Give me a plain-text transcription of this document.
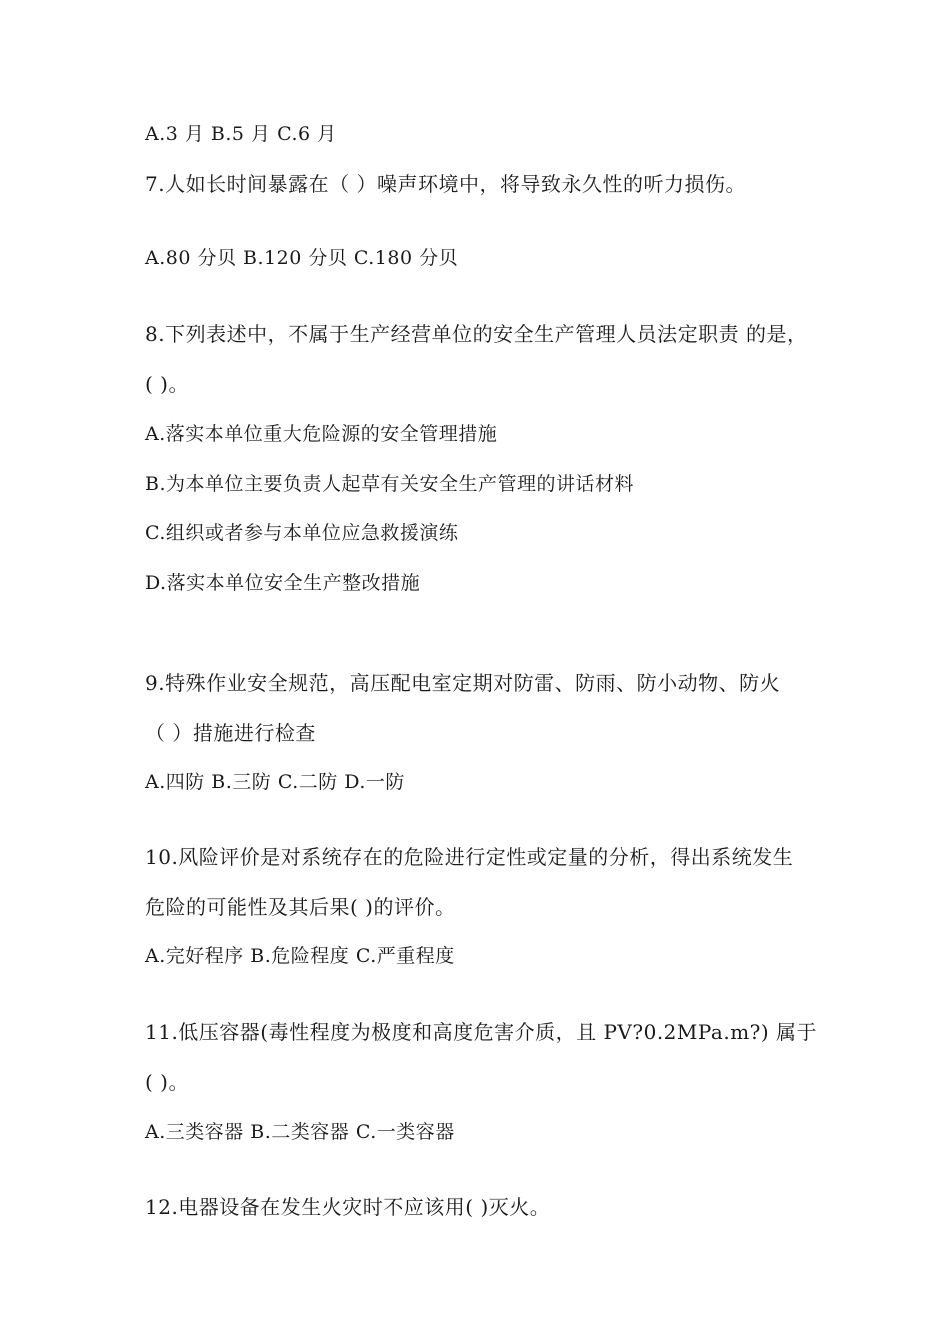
A.3 月 B.5 月 C.6 月
7.人如长时间暴露在（ ）噪声环境中，将导致永久性的听力损伤。
A.80 分贝 B.120 分贝 C.180 分贝
8.下列表述中，不属于生产经营单位的安全生产管理人员法定职责 的是，
( )。
A.落实本单位重大危险源的安全管理措施
B.为本单位主要负责人起草有关安全生产管理的讲话材料
C.组织或者参与本单位应急救援演练
D.落实本单位安全生产整改措施
9.特殊作业安全规范，高压配电室定期对防雷、防雨、防小动物、防火
（ ）措施进行检查
A.四防 B.三防 C.二防 D.一防
10.风险评价是对系统存在的危险进行定性或定量的分析，得出系统发生
危险的可能性及其后果( )的评价。
A.完好程序 B.危险程度 C.严重程度
11.低压容器(毒性程度为极度和高度危害介质，且 PV?0.2MPa.m?) 属于
( )。
A.三类容器 B.二类容器 C.一类容器
12.电器设备在发生火灾时不应该用( )灭火。
